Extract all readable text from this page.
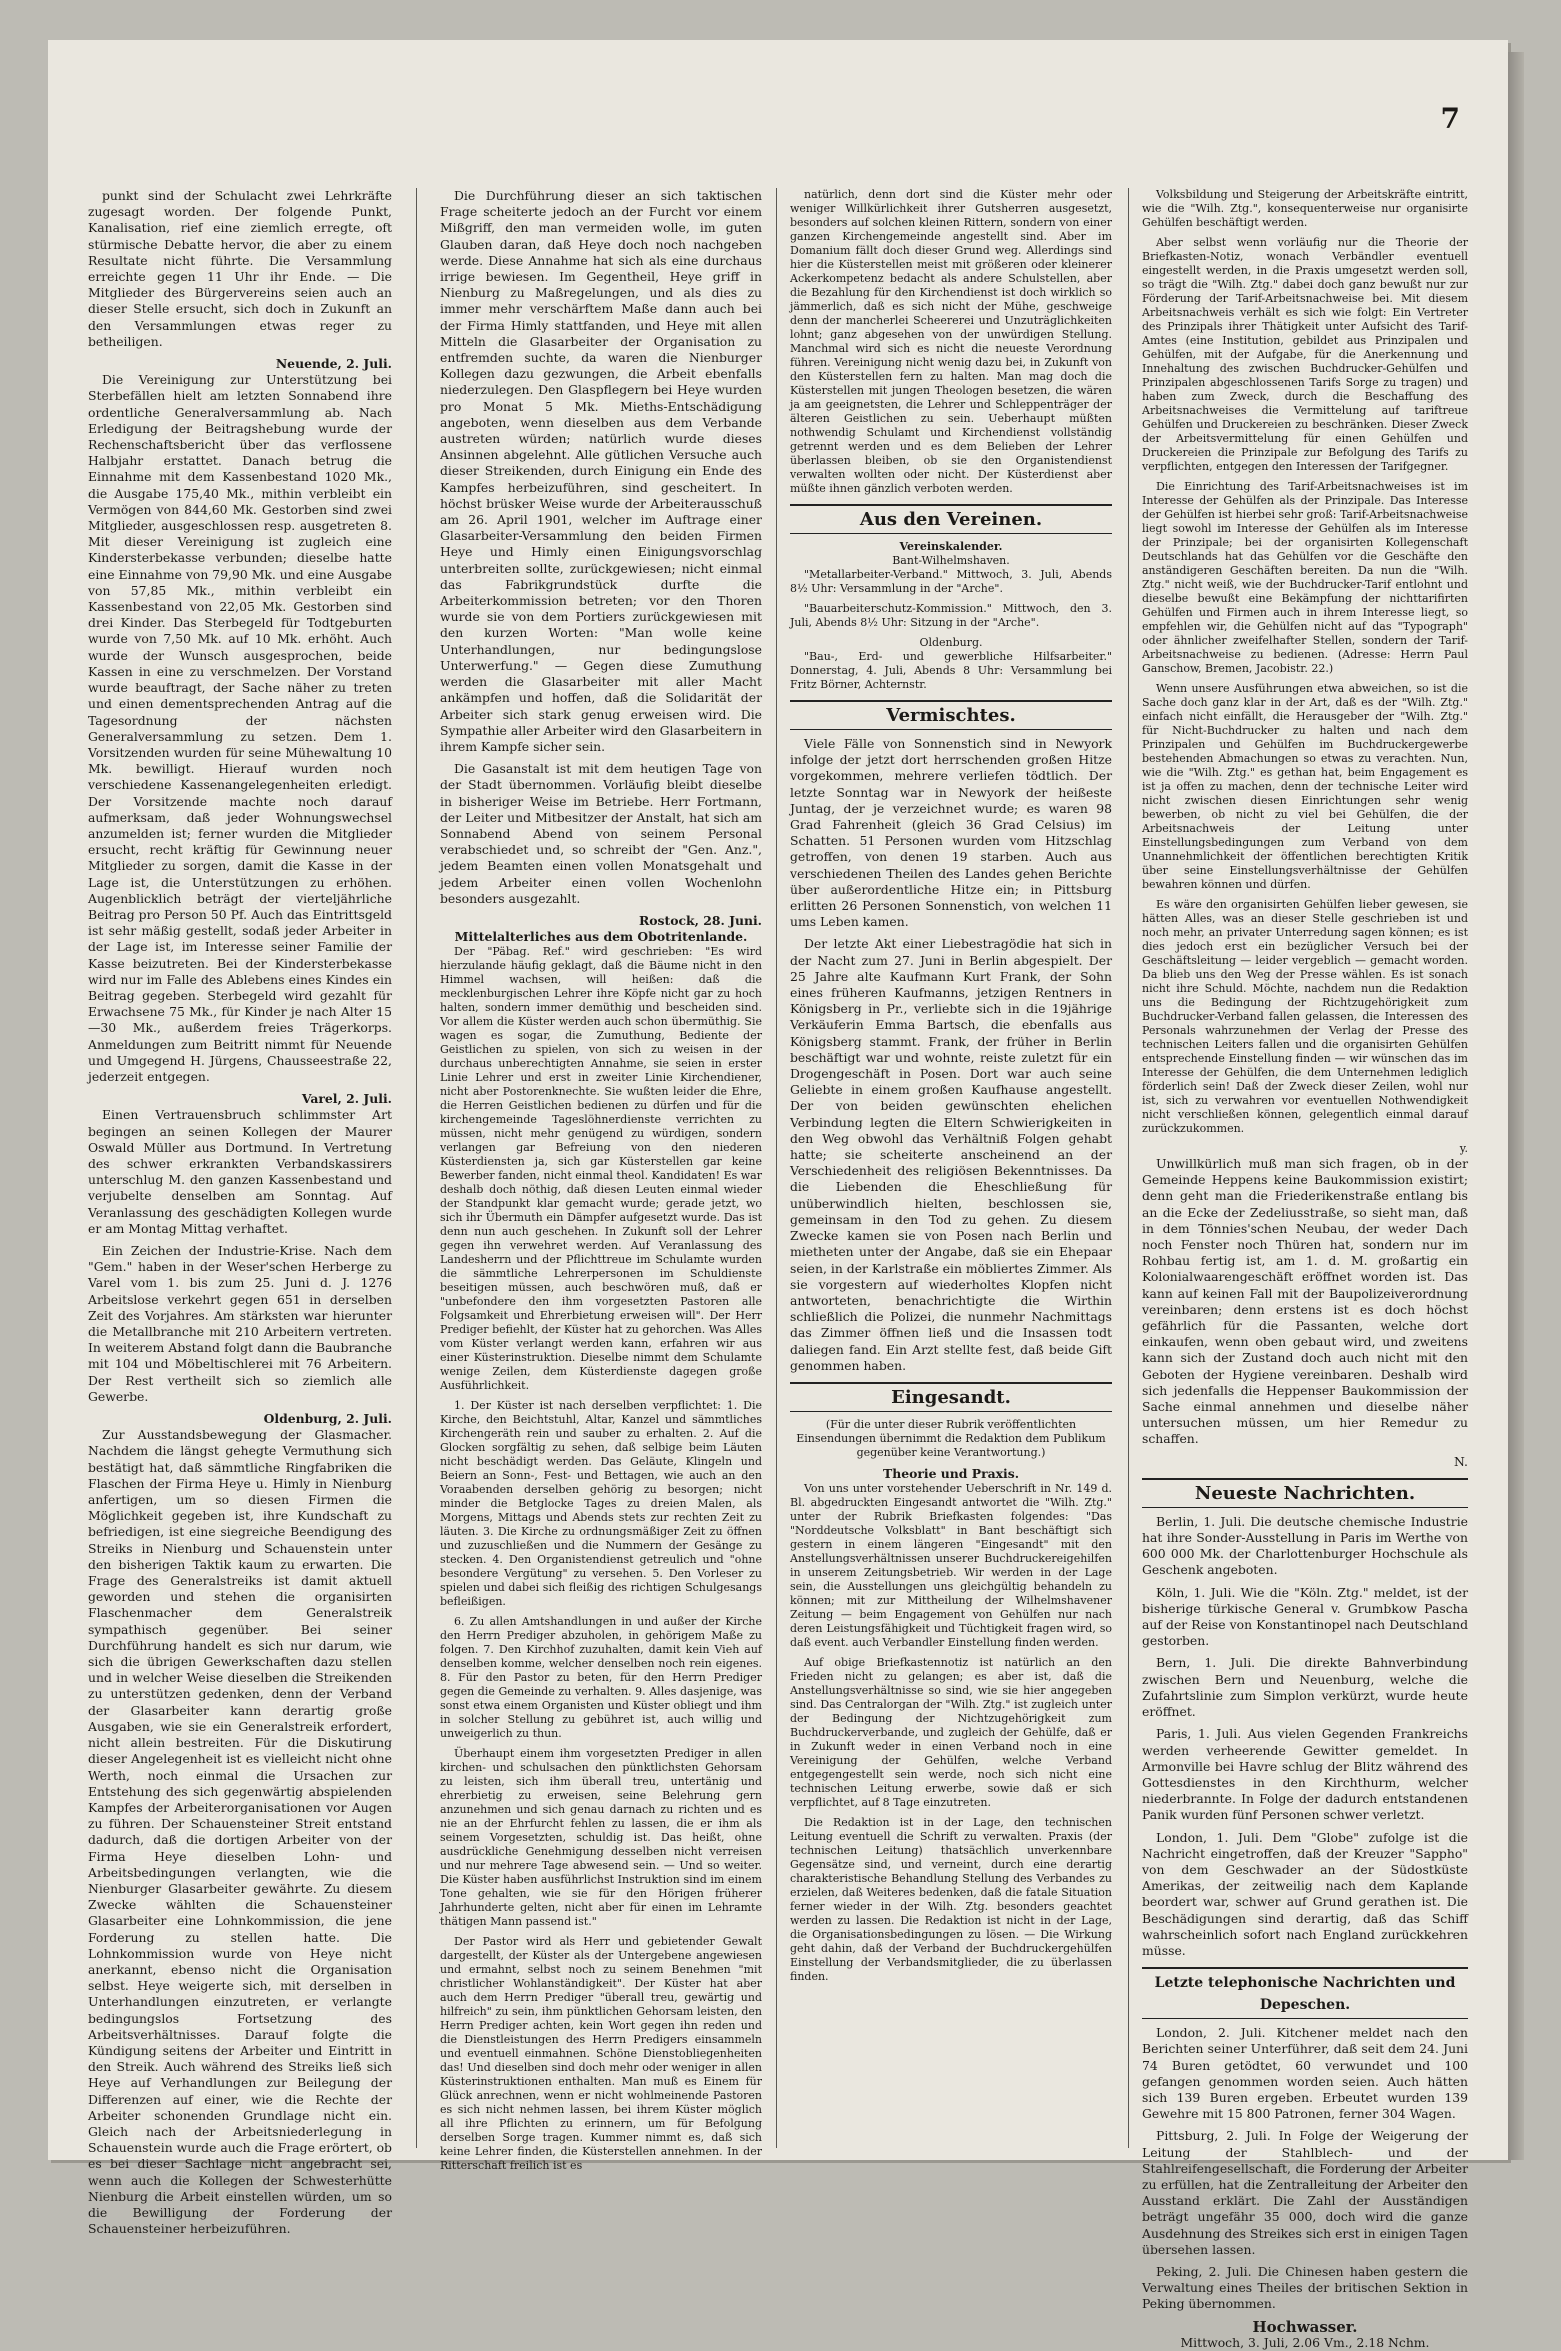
7

punkt sind der Schulacht zwei Lehrkräfte zugesagt worden. Der folgende Punkt, Kanalisation, rief eine ziemlich erregte, oft stürmische Debatte hervor, die aber zu einem Resultate nicht führte. Die Versammlung erreichte gegen 11 Uhr ihr Ende. — Die Mitglieder des Bürgervereins seien auch an dieser Stelle ersucht, sich doch in Zukunft an den Versammlungen etwas reger zu betheiligen.

Neuende, 2. Juli.

Die Vereinigung zur Unterstützung bei Sterbefällen hielt am letzten Sonnabend ihre ordentliche Generalversammlung ab. Nach Erledigung der Beitragshebung wurde der Rechenschaftsbericht über das verflossene Halbjahr erstattet. Danach betrug die Einnahme mit dem Kassenbestand 1020 Mk., die Ausgabe 175,40 Mk., mithin verbleibt ein Vermögen von 844,60 Mk. Gestorben sind zwei Mitglieder, ausgeschlossen resp. ausgetreten 8. Mit dieser Vereinigung ist zugleich eine Kindersterbekasse verbunden; dieselbe hatte eine Einnahme von 79,90 Mk. und eine Ausgabe von 57,85 Mk., mithin verbleibt ein Kassenbestand von 22,05 Mk. Gestorben sind drei Kinder. Das Sterbegeld für Todtgeburten wurde von 7,50 Mk. auf 10 Mk. erhöht. Auch wurde der Wunsch ausgesprochen, beide Kassen in eine zu verschmelzen. Der Vorstand wurde beauftragt, der Sache näher zu treten und einen dementsprechenden Antrag auf die Tagesordnung der nächsten Generalversammlung zu setzen. Dem 1. Vorsitzenden wurden für seine Mühewaltung 10 Mk. bewilligt. Hierauf wurden noch verschiedene Kassenangelegenheiten erledigt. Der Vorsitzende machte noch darauf aufmerksam, daß jeder Wohnungswechsel anzumelden ist; ferner wurden die Mitglieder ersucht, recht kräftig für Gewinnung neuer Mitglieder zu sorgen, damit die Kasse in der Lage ist, die Unterstützungen zu erhöhen. Augenblicklich beträgt der vierteljährliche Beitrag pro Person 50 Pf. Auch das Eintrittsgeld ist sehr mäßig gestellt, sodaß jeder Arbeiter in der Lage ist, im Interesse seiner Familie der Kasse beizutreten. Bei der Kindersterbekasse wird nur im Falle des Ablebens eines Kindes ein Beitrag gegeben. Sterbegeld wird gezahlt für Erwachsene 75 Mk., für Kinder je nach Alter 15—30 Mk., außerdem freies Trägerkorps. Anmeldungen zum Beitritt nimmt für Neuende und Umgegend H. Jürgens, Chausseestraße 22, jederzeit entgegen.

Varel, 2. Juli.

Einen Vertrauensbruch schlimmster Art begingen an seinen Kollegen der Maurer Oswald Müller aus Dortmund. In Vertretung des schwer erkrankten Verbandskassirers unterschlug M. den ganzen Kassenbestand und verjubelte denselben am Sonntag. Auf Veranlassung des geschädigten Kollegen wurde er am Montag Mittag verhaftet.

Ein Zeichen der Industrie-Krise. Nach dem "Gem." haben in der Weser'schen Herberge zu Varel vom 1. bis zum 25. Juni d. J. 1276 Arbeitslose verkehrt gegen 651 in derselben Zeit des Vorjahres. Am stärksten war hierunter die Metallbranche mit 210 Arbeitern vertreten. In weiterem Abstand folgt dann die Baubranche mit 104 und Möbeltischlerei mit 76 Arbeitern. Der Rest vertheilt sich so ziemlich alle Gewerbe.

Oldenburg, 2. Juli.

Zur Ausstandsbewegung der Glasmacher. Nachdem die längst gehegte Vermuthung sich bestätigt hat, daß sämmtliche Ringfabriken die Flaschen der Firma Heye u. Himly in Nienburg anfertigen, um so diesen Firmen die Möglichkeit gegeben ist, ihre Kundschaft zu befriedigen, ist eine siegreiche Beendigung des Streiks in Nienburg und Schauenstein unter den bisherigen Taktik kaum zu erwarten. Die Frage des Generalstreiks ist damit aktuell geworden und stehen die organisirten Flaschenmacher dem Generalstreik sympathisch gegenüber. Bei seiner Durchführung handelt es sich nur darum, wie sich die übrigen Gewerkschaften dazu stellen und in welcher Weise dieselben die Streikenden zu unterstützen gedenken, denn der Verband der Glasarbeiter kann derartig große Ausgaben, wie sie ein Generalstreik erfordert, nicht allein bestreiten. Für die Diskutirung dieser Angelegenheit ist es vielleicht nicht ohne Werth, noch einmal die Ursachen zur Entstehung des sich gegenwärtig abspielenden Kampfes der Arbeiterorganisationen vor Augen zu führen. Der Schauensteiner Streit entstand dadurch, daß die dortigen Arbeiter von der Firma Heye dieselben Lohn- und Arbeitsbedingungen verlangten, wie die Nienburger Glasarbeiter gewährte. Zu diesem Zwecke wählten die Schauensteiner Glasarbeiter eine Lohnkommission, die jene Forderung zu stellen hatte. Die Lohnkommission wurde von Heye nicht anerkannt, ebenso nicht die Organisation selbst. Heye weigerte sich, mit derselben in Unterhandlungen einzutreten, er verlangte bedingungslos Fortsetzung des Arbeitsverhältnisses. Darauf folgte die Kündigung seitens der Arbeiter und Eintritt in den Streik. Auch während des Streiks ließ sich Heye auf Verhandlungen zur Beilegung der Differenzen auf einer, wie die Rechte der Arbeiter schonenden Grundlage nicht ein. Gleich nach der Arbeitsniederlegung in Schauenstein wurde auch die Frage erörtert, ob es bei dieser Sachlage nicht angebracht sei, wenn auch die Kollegen der Schwesterhütte Nienburg die Arbeit einstellen würden, um so die Bewilligung der Forderung der Schauensteiner herbeizuführen.

Die Durchführung dieser an sich taktischen Frage scheiterte jedoch an der Furcht vor einem Mißgriff, den man vermeiden wolle, im guten Glauben daran, daß Heye doch noch nachgeben werde. Diese Annahme hat sich als eine durchaus irrige bewiesen. Im Gegentheil, Heye griff in Nienburg zu Maßregelungen, und als dies zu immer mehr verschärftem Maße dann auch bei der Firma Himly stattfanden, und Heye mit allen Mitteln die Glasarbeiter der Organisation zu entfremden suchte, da waren die Nienburger Kollegen dazu gezwungen, die Arbeit ebenfalls niederzulegen. Den Glaspflegern bei Heye wurden pro Monat 5 Mk. Mieths-Entschädigung angeboten, wenn dieselben aus dem Verbande austreten würden; natürlich wurde dieses Ansinnen abgelehnt. Alle gütlichen Versuche auch dieser Streikenden, durch Einigung ein Ende des Kampfes herbeizuführen, sind gescheitert. In höchst brüsker Weise wurde der Arbeiterausschuß am 26. April 1901, welcher im Auftrage einer Glasarbeiter-Versammlung den beiden Firmen Heye und Himly einen Einigungsvorschlag unterbreiten sollte, zurückgewiesen; nicht einmal das Fabrikgrundstück durfte die Arbeiterkommission betreten; vor den Thoren wurde sie von dem Portiers zurückgewiesen mit den kurzen Worten: "Man wolle keine Unterhandlungen, nur bedingungslose Unterwerfung." — Gegen diese Zumuthung werden die Glasarbeiter mit aller Macht ankämpfen und hoffen, daß die Solidarität der Arbeiter sich stark genug erweisen wird. Die Sympathie aller Arbeiter wird den Glasarbeitern in ihrem Kampfe sicher sein.

Die Gasanstalt ist mit dem heutigen Tage von der Stadt übernommen. Vorläufig bleibt dieselbe in bisheriger Weise im Betriebe. Herr Fortmann, der Leiter und Mitbesitzer der Anstalt, hat sich am Sonnabend Abend von seinem Personal verabschiedet und, so schreibt der "Gen. Anz.", jedem Beamten einen vollen Monatsgehalt und jedem Arbeiter einen vollen Wochenlohn besonders ausgezahlt.

Rostock, 28. Juni.
Mittelalterliches aus dem Obotritenlande.

Der "Päbag. Ref." wird geschrieben: "Es wird hierzulande häufig geklagt, daß die Bäume nicht in den Himmel wachsen, will heißen: daß die mecklenburgischen Lehrer ihre Köpfe nicht gar zu hoch halten, sondern immer demüthig und bescheiden sind. Vor allem die Küster werden auch schon übermüthig. Sie wagen es sogar, die Zumuthung, Bediente der Geistlichen zu spielen, von sich zu weisen in der durchaus unberechtigten Annahme, sie seien in erster Linie Lehrer und erst in zweiter Linie Kirchendiener, nicht aber Postorenknechte. Sie wußten leider die Ehre, die Herren Geistlichen bedienen zu dürfen und für die kirchengemeinde Tageslöhnerdienste verrichten zu müssen, nicht mehr genügend zu würdigen, sondern verlangen gar Befreiung von den niederen Küsterdiensten ja, sich gar Küsterstellen gar keine Bewerber fanden, nicht einmal theol. Kandidaten! Es war deshalb doch nöthig, daß diesen Leuten einmal wieder der Standpunkt klar gemacht wurde; gerade jetzt, wo sich ihr Übermuth ein Dämpfer aufgesetzt wurde. Das ist denn nun auch geschehen. In Zukunft soll der Lehrer gegen ihn verwehret werden. Auf Veranlassung des Landesherrn und der Pflichttreue im Schulamte wurden die sämmtliche Lehrerpersonen im Schuldienste beseitigen müssen, auch beschwören muß, daß er "unbefondere den ihm vorgesetzten Pastoren alle Folgsamkeit und Ehrerbietung erweisen will". Der Herr Prediger befiehlt, der Küster hat zu gehorchen. Was Alles vom Küster verlangt werden kann, erfahren wir aus einer Küsterinstruktion. Dieselbe nimmt dem Schulamte wenige Zeilen, dem Küsterdienste dagegen große Ausführlichkeit.

1. Der Küster ist nach derselben verpflichtet: 1. Die Kirche, den Beichtstuhl, Altar, Kanzel und sämmtliches Kirchengeräth rein und sauber zu erhalten. 2. Auf die Glocken sorgfältig zu sehen, daß selbige beim Läuten nicht beschädigt werden. Das Geläute, Klingeln und Beiern an Sonn-, Fest- und Bettagen, wie auch an den Voraabenden derselben gehörig zu besorgen; nicht minder die Betglocke Tages zu dreien Malen, als Morgens, Mittags und Abends stets zur rechten Zeit zu läuten. 3. Die Kirche zu ordnungsmäßiger Zeit zu öffnen und zuzuschließen und die Nummern der Gesänge zu stecken. 4. Den Organistendienst getreulich und "ohne besondere Vergütung" zu versehen. 5. Den Vorleser zu spielen und dabei sich fleißig des richtigen Schulgesangs befleißigen.

6. Zu allen Amtshandlungen in und außer der Kirche den Herrn Prediger abzuholen, in gehörigem Maße zu folgen. 7. Den Kirchhof zuzuhalten, damit kein Vieh auf denselben komme, welcher denselben noch rein eigenes. 8. Für den Pastor zu beten, für den Herrn Prediger gegen die Gemeinde zu verhalten. 9. Alles dasjenige, was sonst etwa einem Organisten und Küster obliegt und ihm in solcher Stellung zu gebühret ist, auch willig und unweigerlich zu thun.

Überhaupt einem ihm vorgesetzten Prediger in allen kirchen- und schulsachen den pünktlichsten Gehorsam zu leisten, sich ihm überall treu, untertänig und ehrerbietig zu erweisen, seine Belehrung gern anzunehmen und sich genau darnach zu richten und es nie an der Ehrfurcht fehlen zu lassen, die er ihm als seinem Vorgesetzten, schuldig ist. Das heißt, ohne ausdrückliche Genehmigung desselben nicht verreisen und nur mehrere Tage abwesend sein. — Und so weiter. Die Küster haben ausführlichst Instruktion sind im einem Tone gehalten, wie sie für den Hörigen früherer Jahrhunderte gelten, nicht aber für einen im Lehramte thätigen Mann passend ist."

Der Pastor wird als Herr und gebietender Gewalt dargestellt, der Küster als der Untergebene angewiesen und ermahnt, selbst noch zu seinem Benehmen "mit christlicher Wohlanständigkeit". Der Küster hat aber auch dem Herrn Prediger "überall treu, gewärtig und hilfreich" zu sein, ihm pünktlichen Gehorsam leisten, den Herrn Prediger achten, kein Wort gegen ihn reden und die Dienstleistungen des Herrn Predigers einsammeln und eventuell einmahnen. Schöne Dienstobliegenheiten das! Und dieselben sind doch mehr oder weniger in allen Küsterinstruktionen enthalten. Man muß es Einem für Glück anrechnen, wenn er nicht wohlmeinende Pastoren es sich nicht nehmen lassen, bei ihrem Küster möglich all ihre Pflichten zu erinnern, um für Befolgung derselben Sorge tragen. Kummer nimmt es, daß sich keine Lehrer finden, die Küsterstellen annehmen. In der Ritterschaft freilich ist es

natürlich, denn dort sind die Küster mehr oder weniger Willkürlichkeit ihrer Gutsherren ausgesetzt, besonders auf solchen kleinen Rittern, sondern von einer ganzen Kirchengemeinde angestellt sind. Aber im Domanium fällt doch dieser Grund weg. Allerdings sind hier die Küsterstellen meist mit größeren oder kleinerer Ackerkompetenz bedacht als andere Schulstellen, aber die Bezahlung für den Kirchendienst ist doch wirklich so jämmerlich, daß es sich nicht der Mühe, geschweige denn der mancherlei Scheererei und Unzuträglichkeiten lohnt; ganz abgesehen von der unwürdigen Stellung. Manchmal wird sich es nicht die neueste Verordnung führen. Vereinigung nicht wenig dazu bei, in Zukunft von den Küsterstellen fern zu halten. Man mag doch die Küsterstellen mit jungen Theologen besetzen, die wären ja am geeignetsten, die Lehrer und Schleppenträger der älteren Geistlichen zu sein. Ueberhaupt müßten nothwendig Schulamt und Kirchendienst vollständig getrennt werden und es dem Belieben der Lehrer überlassen bleiben, ob sie den Organistendienst verwalten wollten oder nicht. Der Küsterdienst aber müßte ihnen gänzlich verboten werden.

Aus den Vereinen.
Vereinskalender.
Bant-Wilhelmshaven.

"Metallarbeiter-Verband." Mittwoch, 3. Juli, Abends 8½ Uhr: Versammlung in der "Arche".

"Bauarbeiterschutz-Kommission." Mittwoch, den 3. Juli, Abends 8½ Uhr: Sitzung in der "Arche".

Oldenburg.

"Bau-, Erd- und gewerbliche Hilfsarbeiter." Donnerstag, 4. Juli, Abends 8 Uhr: Versammlung bei Fritz Börner, Achternstr.

Vermischtes.

Viele Fälle von Sonnenstich sind in Newyork infolge der jetzt dort herrschenden großen Hitze vorgekommen, mehrere verliefen tödtlich. Der letzte Sonntag war in Newyork der heißeste Juntag, der je verzeichnet wurde; es waren 98 Grad Fahrenheit (gleich 36 Grad Celsius) im Schatten. 51 Personen wurden vom Hitzschlag getroffen, von denen 19 starben. Auch aus verschiedenen Theilen des Landes gehen Berichte über außerordentliche Hitze ein; in Pittsburg erlitten 26 Personen Sonnenstich, von welchen 11 ums Leben kamen.

Der letzte Akt einer Liebestragödie hat sich in der Nacht zum 27. Juni in Berlin abgespielt. Der 25 Jahre alte Kaufmann Kurt Frank, der Sohn eines früheren Kaufmanns, jetzigen Rentners in Königsberg in Pr., verliebte sich in die 19jährige Verkäuferin Emma Bartsch, die ebenfalls aus Königsberg stammt. Frank, der früher in Berlin beschäftigt war und wohnte, reiste zuletzt für ein Drogengeschäft in Posen. Dort war auch seine Geliebte in einem großen Kaufhause angestellt. Der von beiden gewünschten ehelichen Verbindung legten die Eltern Schwierigkeiten in den Weg obwohl das Verhältniß Folgen gehabt hatte; sie scheiterte anscheinend an der Verschiedenheit des religiösen Bekenntnisses. Da die Liebenden die Eheschließung für unüberwindlich hielten, beschlossen sie, gemeinsam in den Tod zu gehen. Zu diesem Zwecke kamen sie von Posen nach Berlin und mietheten unter der Angabe, daß sie ein Ehepaar seien, in der Karlstraße ein möbliertes Zimmer. Als sie vorgestern auf wiederholtes Klopfen nicht antworteten, benachrichtigte die Wirthin schließlich die Polizei, die nunmehr Nachmittags das Zimmer öffnen ließ und die Insassen todt daliegen fand. Ein Arzt stellte fest, daß beide Gift genommen haben.

Eingesandt.

(Für die unter dieser Rubrik veröffentlichten Einsendungen übernimmt die Redaktion dem Publikum gegenüber keine Verantwortung.)

Theorie und Praxis.

Von uns unter vorstehender Ueberschrift in Nr. 149 d. Bl. abgedruckten Eingesandt antwortet die "Wilh. Ztg." unter der Rubrik Briefkasten folgendes: "Das "Norddeutsche Volksblatt" in Bant beschäftigt sich gestern in einem längeren "Eingesandt" mit den Anstellungsverhältnissen unserer Buchdruckereigehilfen in unserem Zeitungsbetrieb. Wir werden in der Lage sein, die Ausstellungen uns gleichgültig behandeln zu können; mit zur Mittheilung der Wilhelmshavener Zeitung — beim Engagement von Gehülfen nur nach deren Leistungsfähigkeit und Tüchtigkeit fragen wird, so daß event. auch Verbandler Einstellung finden werden.

Auf obige Briefkastennotiz ist natürlich an den Frieden nicht zu gelangen; es aber ist, daß die Anstellungsverhältnisse so sind, wie sie hier angegeben sind. Das Centralorgan der "Wilh. Ztg." ist zugleich unter der Bedingung der Nichtzugehörigkeit zum Buchdruckerverbande, und zugleich der Gehülfe, daß er in Zukunft weder in einen Verband noch in eine Vereinigung der Gehülfen, welche Verband entgegengestellt sein werde, noch sich nicht eine technischen Leitung erwerbe, sowie daß er sich verpflichtet, auf 8 Tage einzutreten.

Die Redaktion ist in der Lage, den technischen Leitung eventuell die Schrift zu verwalten. Praxis (der technischen Leitung) thatsächlich unverkennbare Gegensätze sind, und verneint, durch eine derartig charakteristische Behandlung Stellung des Verbandes zu erzielen, daß Weiteres bedenken, daß die fatale Situation ferner wieder in der Wilh. Ztg. besonders geachtet werden zu lassen. Die Redaktion ist nicht in der Lage, die Organisationsbedingungen zu lösen. — Die Wirkung geht dahin, daß der Verband der Buchdruckergehülfen Einstellung der Verbandsmitglieder, die zu überlassen finden.

Volksbildung und Steigerung der Arbeitskräfte eintritt, wie die "Wilh. Ztg.", konsequenterweise nur organisirte Gehülfen beschäftigt werden.

Aber selbst wenn vorläufig nur die Theorie der Briefkasten-Notiz, wonach Verbändler eventuell eingestellt werden, in die Praxis umgesetzt werden soll, so trägt die "Wilh. Ztg." dabei doch ganz bewußt nur zur Förderung der Tarif-Arbeitsnachweise bei. Mit diesem Arbeitsnachweis verhält es sich wie folgt: Ein Vertreter des Prinzipals ihrer Thätigkeit unter Aufsicht des Tarif-Amtes (eine Institution, gebildet aus Prinzipalen und Gehülfen, mit der Aufgabe, für die Anerkennung und Innehaltung des zwischen Buchdrucker-Gehülfen und Prinzipalen abgeschlossenen Tarifs Sorge zu tragen) und haben zum Zweck, durch die Beschaffung des Arbeitsnachweises die Vermittelung auf tariftreue Gehülfen und Druckereien zu beschränken. Dieser Zweck der Arbeitsvermittelung für einen Gehülfen und Druckereien die Prinzipale zur Befolgung des Tarifs zu verpflichten, entgegen den Interessen der Tarifgegner.

Die Einrichtung des Tarif-Arbeitsnachweises ist im Interesse der Gehülfen als der Prinzipale. Das Interesse der Gehülfen ist hierbei sehr groß: Tarif-Arbeitsnachweise liegt sowohl im Interesse der Gehülfen als im Interesse der Prinzipale; bei der organisirten Kollegenschaft Deutschlands hat das Gehülfen vor die Geschäfte den anständigeren Geschäften bereiten. Da nun die "Wilh. Ztg." nicht weiß, wie der Buchdrucker-Tarif entlohnt und dieselbe bewußt eine Bekämpfung der nichttarifirten Gehülfen und Firmen auch in ihrem Interesse liegt, so empfehlen wir, die Gehülfen nicht auf das "Typograph" oder ähnlicher zweifelhafter Stellen, sondern der Tarif-Arbeitsnachweise zu bedienen. (Adresse: Herrn Paul Ganschow, Bremen, Jacobistr. 22.)

Wenn unsere Ausführungen etwa abweichen, so ist die Sache doch ganz klar in der Art, daß es der "Wilh. Ztg." einfach nicht einfällt, die Herausgeber der "Wilh. Ztg." für Nicht-Buchdrucker zu halten und nach dem Prinzipalen und Gehülfen im Buchdruckergewerbe bestehenden Abmachungen so etwas zu verachten. Nun, wie die "Wilh. Ztg." es gethan hat, beim Engagement es ist ja offen zu machen, denn der technische Leiter wird nicht zwischen diesen Einrichtungen sehr wenig bewerben, ob nicht zu viel bei Gehülfen, die der Arbeitsnachweis der Leitung unter Einstellungsbedingungen zum Verband von dem Unannehmlichkeit der öffentlichen berechtigten Kritik über seine Einstellungsverhältnisse der Gehülfen bewahren können und dürfen.

Es wäre den organisirten Gehülfen lieber gewesen, sie hätten Alles, was an dieser Stelle geschrieben ist und noch mehr, an privater Unterredung sagen können; es ist dies jedoch erst ein bezüglicher Versuch bei der Geschäftsleitung — leider vergeblich — gemacht worden. Da blieb uns den Weg der Presse wählen. Es ist sonach nicht ihre Schuld. Möchte, nachdem nun die Redaktion uns die Bedingung der Richtzugehörigkeit zum Buchdrucker-Verband fallen gelassen, die Interessen des Personals wahrzunehmen der Verlag der Presse des technischen Leiters fallen und die organisirten Gehülfen entsprechende Einstellung finden — wir wünschen das im Interesse der Gehülfen, die dem Unternehmen lediglich förderlich sein! Daß der Zweck dieser Zeilen, wohl nur ist, sich zu verwahren vor eventuellen Nothwendigkeit nicht verschließen können, gelegentlich einmal darauf zurückzukommen.

y.

Unwillkürlich muß man sich fragen, ob in der Gemeinde Heppens keine Baukommission existirt; denn geht man die Friederikenstraße entlang bis an die Ecke der Zedeliusstraße, so sieht man, daß in dem Tönnies'schen Neubau, der weder Dach noch Fenster noch Thüren hat, sondern nur im Rohbau fertig ist, am 1. d. M. großartig ein Kolonialwaarengeschäft eröffnet worden ist. Das kann auf keinen Fall mit der Baupolizeiverordnung vereinbaren; denn erstens ist es doch höchst gefährlich für die Passanten, welche dort einkaufen, wenn oben gebaut wird, und zweitens kann sich der Zustand doch auch nicht mit den Geboten der Hygiene vereinbaren. Deshalb wird sich jedenfalls die Heppenser Baukommission der Sache einmal annehmen und dieselbe näher untersuchen müssen, um hier Remedur zu schaffen.

N.
Neueste Nachrichten.

Berlin, 1. Juli. Die deutsche chemische Industrie hat ihre Sonder-Ausstellung in Paris im Werthe von 600 000 Mk. der Charlottenburger Hochschule als Geschenk angeboten.

Köln, 1. Juli. Wie die "Köln. Ztg." meldet, ist der bisherige türkische General v. Grumbkow Pascha auf der Reise von Konstantinopel nach Deutschland gestorben.

Bern, 1. Juli. Die direkte Bahnverbindung zwischen Bern und Neuenburg, welche die Zufahrtslinie zum Simplon verkürzt, wurde heute eröffnet.

Paris, 1. Juli. Aus vielen Gegenden Frankreichs werden verheerende Gewitter gemeldet. In Armonville bei Havre schlug der Blitz während des Gottesdienstes in den Kirchthurm, welcher niederbrannte. In Folge der dadurch entstandenen Panik wurden fünf Personen schwer verletzt.

London, 1. Juli. Dem "Globe" zufolge ist die Nachricht eingetroffen, daß der Kreuzer "Sappho" von dem Geschwader an der Südostküste Amerikas, der zeitweilig nach dem Kaplande beordert war, schwer auf Grund gerathen ist. Die Beschädigungen sind derartig, daß das Schiff wahrscheinlich sofort nach England zurückkehren müsse.

Letzte telephonische Nachrichten und Depeschen.

London, 2. Juli. Kitchener meldet nach den Berichten seiner Unterführer, daß seit dem 24. Juni 74 Buren getödtet, 60 verwundet und 100 gefangen genommen worden seien. Auch hätten sich 139 Buren ergeben. Erbeutet wurden 139 Gewehre mit 15 800 Patronen, ferner 304 Wagen.

Pittsburg, 2. Juli. In Folge der Weigerung der Leitung der Stahlblech- und der Stahlreifengesellschaft, die Forderung der Arbeiter zu erfüllen, hat die Zentralleitung der Arbeiter den Ausstand erklärt. Die Zahl der Ausständigen beträgt ungefähr 35 000, doch wird die ganze Ausdehnung des Streikes sich erst in einigen Tagen übersehen lassen.

Peking, 2. Juli. Die Chinesen haben gestern die Verwaltung eines Theiles der britischen Sektion in Peking übernommen.

Hochwasser.
Mittwoch, 3. Juli, 2.06 Vm., 2.18 Nchm.
